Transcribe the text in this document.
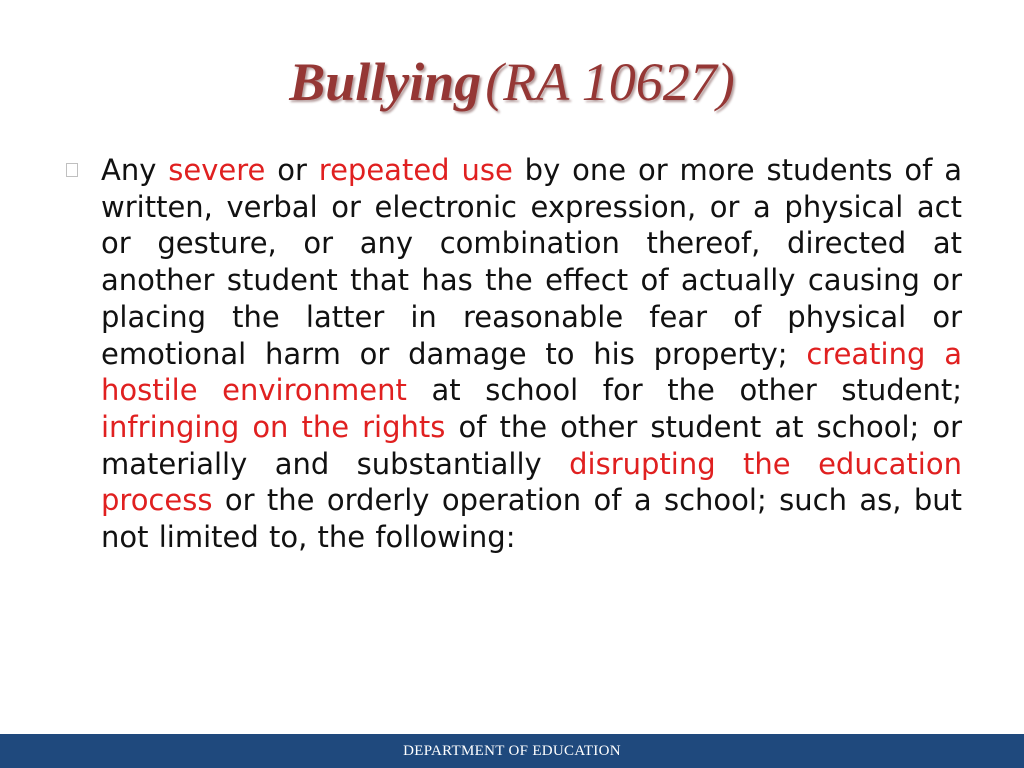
Bullying(RA 10627)

Any severe or repeated use by one or more students of a written, verbal or electronic expression, or a physical act or gesture, or any combination thereof, directed at another student that has the effect of actually causing or placing the latter in reasonable fear of physical or emotional harm or damage to his property; creating a hostile environment at school for the other student; infringing on the rights of the other student at school; or materially and substantially disrupting the education process or the orderly operation of a school; such as, but not limited to, the following:

DEPARTMENT OF EDUCATION
